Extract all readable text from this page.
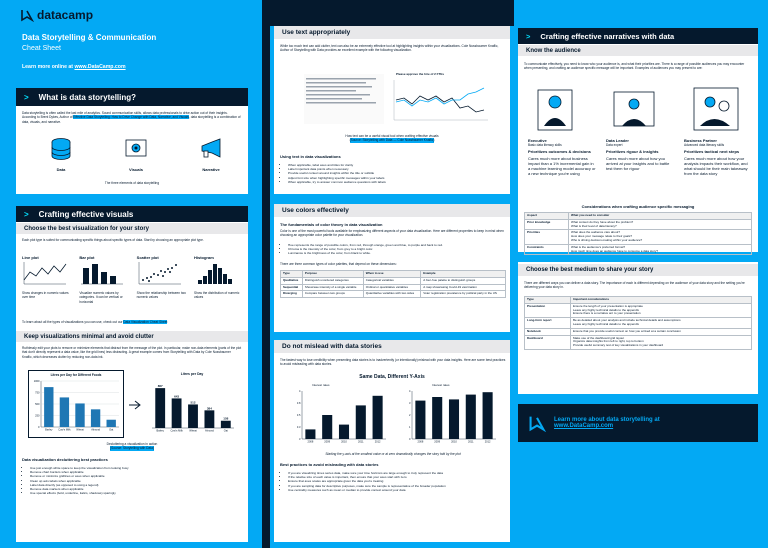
datacamp
Data Storytelling & Communication
Cheat Sheet
Learn more online at www.DataCamp.com
> What is data storytelling?
Data storytelling is often called the last mile of analytics. Sound communication skills, allows data professionals to drive action out of their insights. According to Brent Dykes, Author of Effective Data Storytelling: How to Drive Change with Data, Narrative, and Visuals, data storytelling is a combination of data, visuals, and narrative.
Data	Visuals	Narrative
The three elements of data storytelling
> Crafting effective visuals
Choose the best visualization for your story
Each plot type is suited for communicating specific things about specific types of data. Start by choosing an appropriate plot type.
Line plot
Show changes in numeric values over time
Bar plot
Visualize numeric values by categories. It can be vertical or horizontal
Scatter plot
Show the relationship between two numeric values
Histogram
Show the distribution of numeric values
To learn about all the types of visualizations you can use, check out our Data Visualization Cheat Sheet
Keep visualizations minimal and avoid clutter
Ruthlessly edit your plots to remove or minimize elements that distract from the message of the plot. In particular, make non-data elements (parts of the plot that don't directly represent a data value, like the grid lines) less distracting. A great example comes from Storytelling with Data by Cole Nussbaumer Knaflic, which decreases clutter by reducing non-data ink.
Litres per Day for Different Foods
0
250
500
750
1000
Barley Cow's Milk Wheat	Almond	Oat
Litres per Day
867
Barley
643
Cow's Milk
512
Wheat
384
Almond
158
Oat
Decluttering a visualization in action
(Source: Storytelling with Data)
Data visualization decluttering best practices
• Use just enough white space to keep the visualization from looking busy
• Remove chart borders when applicable
• Remove or minimize gridlines or axes when applicable
• Clean up axis labels when applicable
• Label data directly (as opposed to using a legend)
• Remove data markers when applicable
• Use special effects (bold, underline, italics, shadows) sparingly
Use text appropriately
While too much text can add clutter, text can also be an extremely effective tool at highlighting insights within your visualizations. Cole Nussbaumer Knaflic, Author of Storytelling with Data provides an excellent example with the following visualization.
Please approve the hire of 2 FTEs
How text can be a useful visual tool when crafting effective visuals
(Source: Storytelling with Data — Cole Nussbaumer Knaflic)
Using text in data visualizations
• When applicable, label axes and titles for clarity
• Label important data points when necessary
• Provide useful context around insights within the title or subtitle
• Adjust font size when highlighting specific messages within your labels
• When applicable, try to answer common audience questions with labels
Use colors effectively
The fundamentals of color theory in data visualization
Color is one of the most powerful tools available for emphasizing different aspects of your data visualization. Here are different properties to keep in mind when choosing an appropriate color palette for your visualization.
• Hue represents the range of possible colors, from red, through orange, green and blue, to purple and back to red.
• Chroma is the intensity of the color, from grey to a bright color.
• Luminance is the brightness of the color, from black to white.
There are three common types of color palettes, that depend on these dimensions:
Type	Purpose	When to use	Example
Qualitative	Distinguish unordered categories	Categorical variables	A four-hue palette to distinguish groups
Sequential	Showcase intensity of a single variable	Ordinal or quantitative variables	A map showcasing Covid-19 vaccination
Diverging	Compare between two groups	Quantitative variables with two sides	Voter registration prevalence by political party in the US
Do not mislead with data stories
The fastest way to lose credibility when presenting data stories is to inadvertently (or intentionally) mislead with your data insights. Here are some best practices to avoid misleading with data stories.
Same Data, Different Y-Axis
Interest rates	Interest rates
3
3.3
3.5
3.8
4
2008	2009	2010	2011	2012
0
1
2
3
4
2008	2009	2010	2011	2012
Starting the y-axis at the smallest value or at zero dramatically changes the story told by the plot
Best practices to avoid misleading with data stories
• If you are visualizing times series data, make sure your time horizons are large enough to truly represent the data
• If the relative size of each value is important, then ensure that your axes start with zero
• Ensure that axes scales are appropriate given the data you're treating
• If you are sampling data for descriptive purposes, make sure the sample is representative of the broader population
• Use centrality measures such as mean or median to provide context around your data
> Crafting effective narratives with data
Know the audience
To communicate effectively, you need to know who your audience is, and what their priorities are. There is a range of possible audiences you may encounter when presenting, and crafting an audience specific message will be important. Examples of audiences you may present to are:
Executive
Basic data literacy skills
Prioritizes outcomes & decisions
Cares much more about business impact than a 1% incremental gain in a machine learning model accuracy or a new technique you're using
Data Leader
Data expert
Prioritizes rigour & insights
Cares much more about how you arrived at your insights and to battle test them for rigour
Business Partner
Advanced data literacy skills
Prioritizes tactical next steps
Cares much more about how your analysis impacts their workflow, and what should be their main takeaway from the data story
Considerations when crafting audience specific messaging
Aspect	What you need to consider
Prior knowledge	What context do they have about the problem?
What is their level of data literacy?

Priorities	What does the audience care about?
How does your message relate to their goals?
Who is driving decision-making within your audience?

Constraints	What is the audience's preferred format?
How much time does an audience have to consume a data story?
Choose the best medium to share your story
There are different ways you can deliver a data story. The importance of each is different depending on the audience of your data story and the setting you're delivering your data story in.
Type	Important considerations
Presentation	Ensure the length of your presentation is appropriate
Leave any highly technical details to the appendix
Ensure there is a narrative arc to your presentation

Long-form report	Be as detailed about your analysis and include technical details and assumptions
Leave any highly technical details to the appendix

Notebook	Ensure that you provide useful context on how you arrived at a certain conclusion

Dashboard	Make use of the dashboard grid layout
Organize data insights from left to right, top to bottom
Provide useful summary text of key visualizations in your dashboard
Learn more about data storytelling at
www.DataCamp.com
